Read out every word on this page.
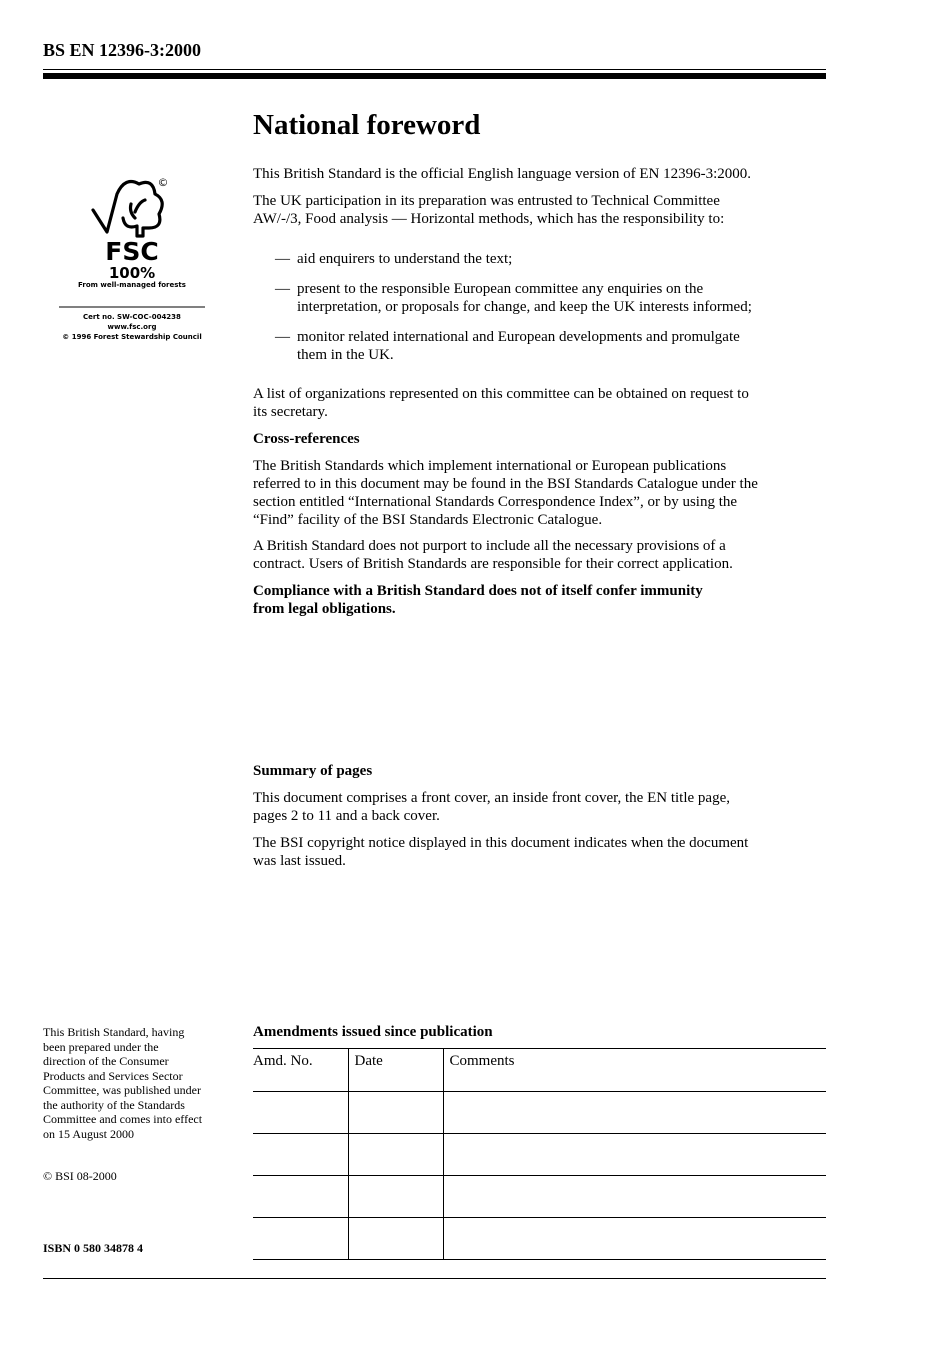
BS EN 12396-3:2000
©
FSC
100%
From well-managed forests
Cert no. SW-COC-004238
www.fsc.org
© 1996 Forest Stewardship Council
National foreword

This British Standard is the official English language version of EN 12396-3:2000.

The UK participation in its preparation was entrusted to Technical Committee

AW/-/3, Food analysis — Horizontal methods, which has the responsibility to:

— aid enquirers to understand the text;
— present to the responsible European committee any enquiries on the
interpretation, or proposals for change, and keep the UK interests informed;
— monitor related international and European developments and promulgate
them in the UK.

A list of organizations represented on this committee can be obtained on request to

its secretary.

Cross-references

The British Standards which implement international or European publications

referred to in this document may be found in the BSI Standards Catalogue under the

section entitled “International Standards Correspondence Index”, or by using the

“Find” facility of the BSI Standards Electronic Catalogue.

A British Standard does not purport to include all the necessary provisions of a

contract. Users of British Standards are responsible for their correct application.

Compliance with a British Standard does not of itself confer immunity

from legal obligations.

Summary of pages

This document comprises a front cover, an inside front cover, the EN title page,

pages 2 to 11 and a back cover.

The BSI copyright notice displayed in this document indicates when the document

was last issued.

This British Standard, having
been prepared under the
direction of the Consumer
Products and Services Sector
Committee, was published under
the authority of the Standards
Committee and comes into effect
on 15 August 2000
© BSI 08-2000
ISBN 0 580 34878 4
Amendments issued since publication
Amd. No.	Date	Comments
